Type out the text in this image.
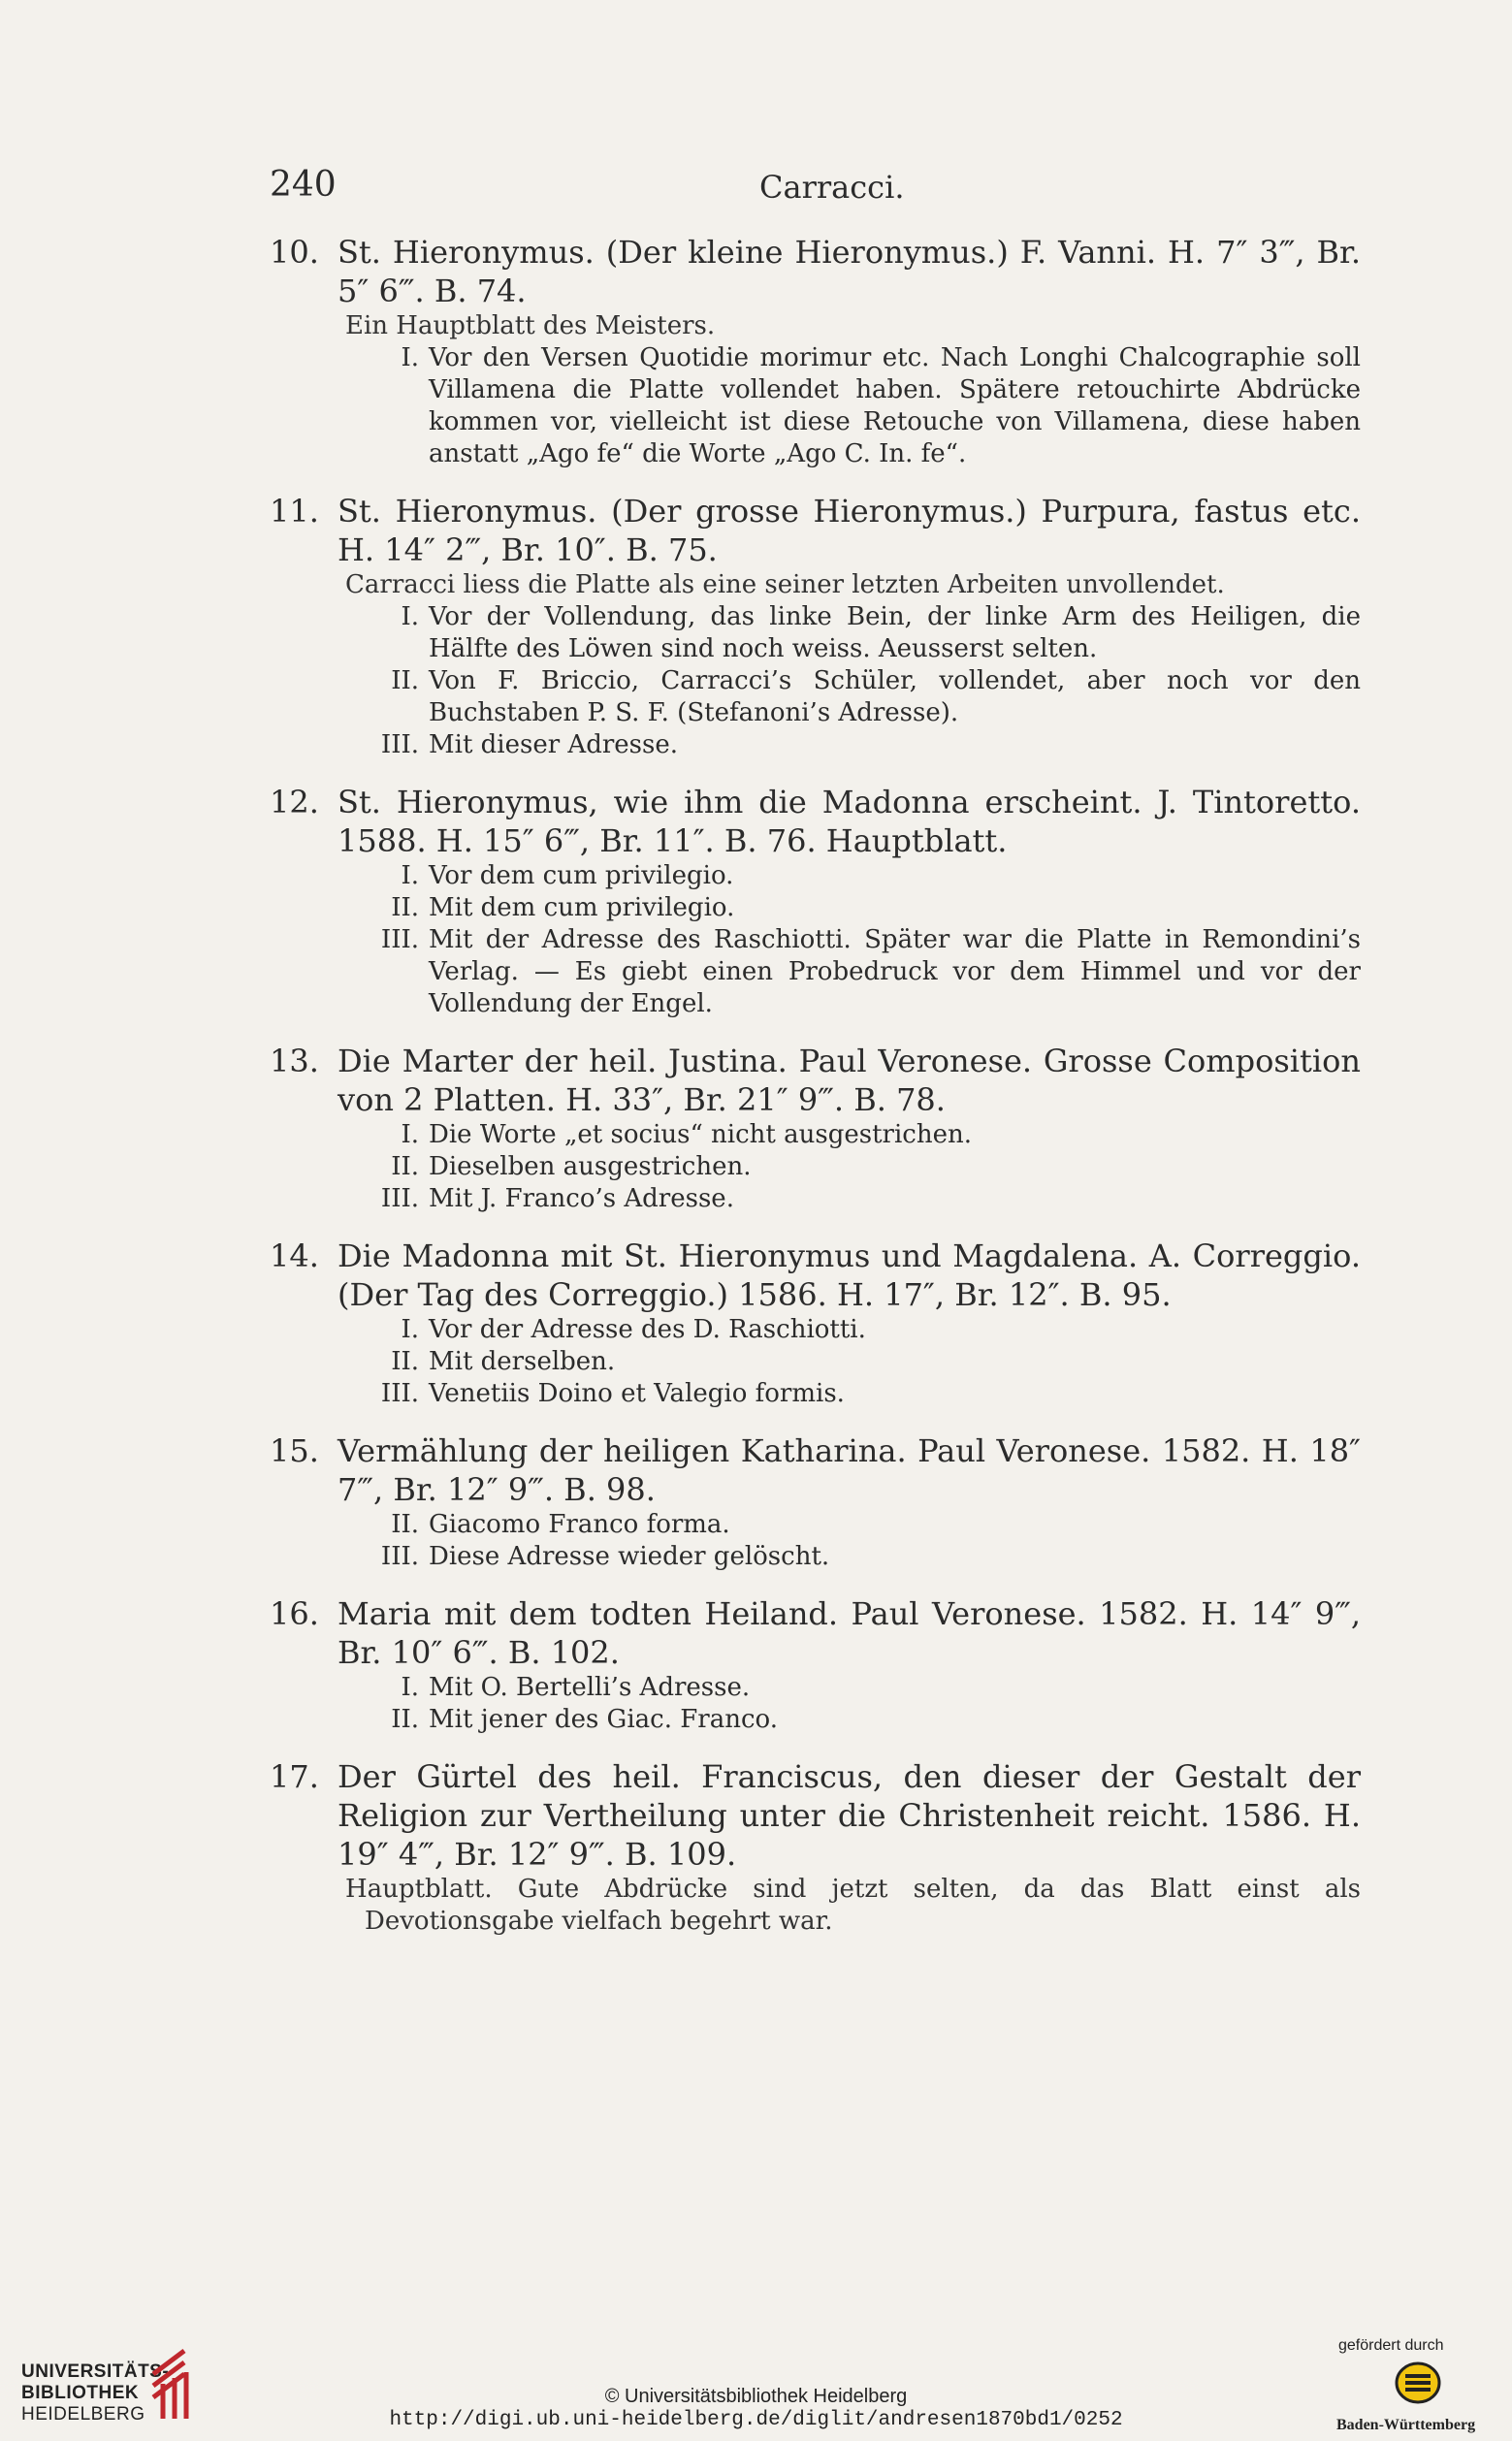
240	Carracci.
10. St. Hieronymus. (Der kleine Hieronymus.) F. Vanni. H. 7″ 3‴, Br. 5″ 6‴. B. 74.
Ein Hauptblatt des Meisters.
I. Vor den Versen Quotidie morimur etc. Nach Longhi Chalcographie soll Villamena die Platte vollendet haben. Spätere retouchirte Abdrücke kommen vor, vielleicht ist diese Retouche von Villamena, diese haben anstatt „Ago fe“ die Worte „Ago C. In. fe“.
11. St. Hieronymus. (Der grosse Hieronymus.) Purpura, fastus etc. H. 14″ 2‴, Br. 10″. B. 75.
Carracci liess die Platte als eine seiner letzten Arbeiten unvollendet.
I. Vor der Vollendung, das linke Bein, der linke Arm des Heiligen, die Hälfte des Löwen sind noch weiss. Aeusserst selten.
II. Von F. Briccio, Carracci’s Schüler, vollendet, aber noch vor den Buchstaben P. S. F. (Stefanoni’s Adresse).
III. Mit dieser Adresse.
12. St. Hieronymus, wie ihm die Madonna erscheint. J. Tintoretto. 1588. H. 15″ 6‴, Br. 11″. B. 76. Hauptblatt.
I. Vor dem cum privilegio.
II. Mit dem cum privilegio.
III. Mit der Adresse des Raschiotti. Später war die Platte in Remondini’s Verlag. — Es giebt einen Probedruck vor dem Himmel und vor der Vollendung der Engel.
13. Die Marter der heil. Justina. Paul Veronese. Grosse Composition von 2 Platten. H. 33″, Br. 21″ 9‴. B. 78.
I. Die Worte „et socius“ nicht ausgestrichen.
II. Dieselben ausgestrichen.
III. Mit J. Franco’s Adresse.
14. Die Madonna mit St. Hieronymus und Magdalena. A. Correggio. (Der Tag des Correggio.) 1586. H. 17″, Br. 12″. B. 95.
I. Vor der Adresse des D. Raschiotti.
II. Mit derselben.
III. Venetiis Doino et Valegio formis.
15. Vermählung der heiligen Katharina. Paul Veronese. 1582. H. 18″ 7‴, Br. 12″ 9‴. B. 98.
II. Giacomo Franco forma.
III. Diese Adresse wieder gelöscht.
16. Maria mit dem todten Heiland. Paul Veronese. 1582. H. 14″ 9‴, Br. 10″ 6‴. B. 102.
I. Mit O. Bertelli’s Adresse.
II. Mit jener des Giac. Franco.
17. Der Gürtel des heil. Franciscus, den dieser der Gestalt der Religion zur Vertheilung unter die Christenheit reicht. 1586. H. 19″ 4‴, Br. 12″ 9‴. B. 109.
Hauptblatt. Gute Abdrücke sind jetzt selten, da das Blatt einst als Devotionsgabe vielfach begehrt war.
UNIVERSITÄTS-
BIBLIOTHEK
HEIDELBERG
© Universitätsbibliothek Heidelberg
http://digi.ub.uni-heidelberg.de/diglit/andresen1870bd1/0252
gefördert durch
Baden-Württemberg
